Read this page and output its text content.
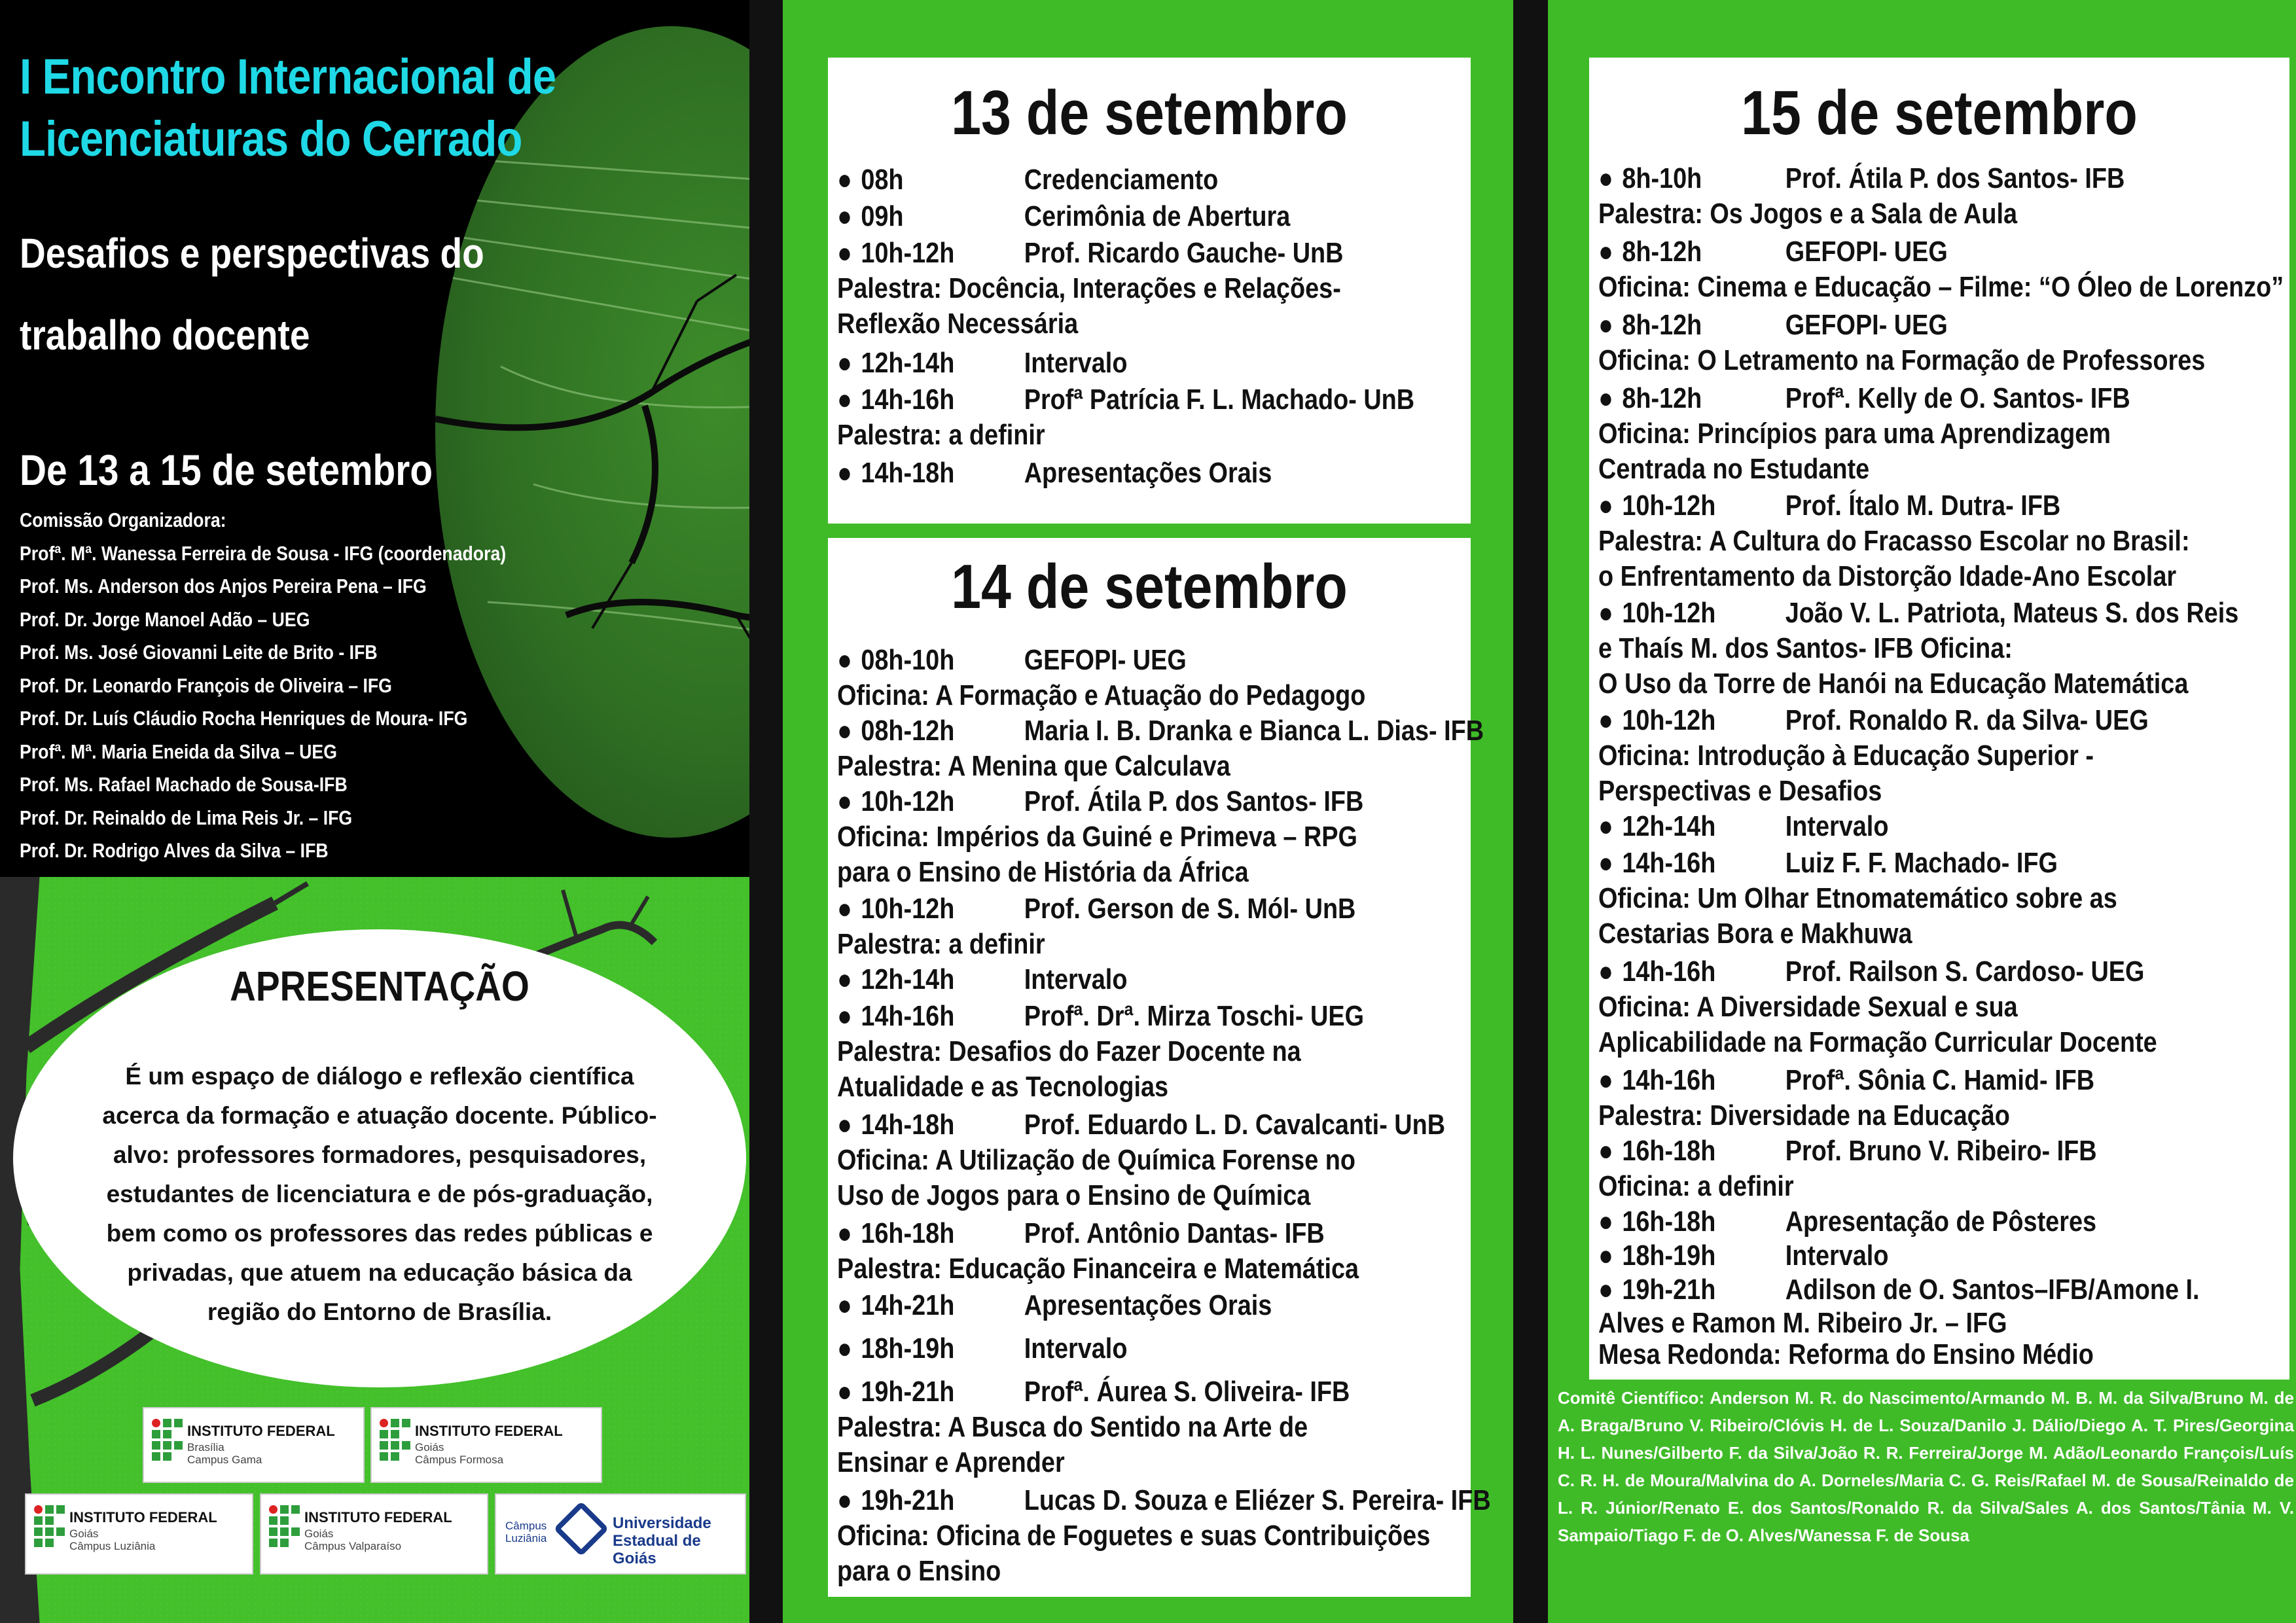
I Encontro Internacional de
Licenciaturas do Cerrado
Desafios e perspectivas do
trabalho docente
De 13 a 15 de setembro
Comissão Organizadora:
Profª. Mª. Wanessa Ferreira de Sousa - IFG (coordenadora)
Prof. Ms. Anderson dos Anjos Pereira Pena – IFG
Prof. Dr. Jorge Manoel Adão – UEG
Prof. Ms. José Giovanni Leite de Brito - IFB
Prof. Dr. Leonardo François de Oliveira – IFG
Prof. Dr. Luís Cláudio Rocha Henriques de Moura- IFG
Profª. Mª. Maria Eneida da Silva – UEG
Prof. Ms. Rafael Machado de Sousa-IFB
Prof. Dr. Reinaldo de Lima Reis Jr. – IFG
Prof. Dr. Rodrigo Alves da Silva – IFB
APRESENTAÇÃO
É um espaço de diálogo e reflexão científica acerca da formação e atuação docente. Público-alvo: professores formadores, pesquisadores, estudantes de licenciatura e de pós-graduação, bem como os professores das redes públicas e privadas, que atuem na educação básica da região do Entorno de Brasília.
INSTITUTO FEDERAL
Brasília
Campus Gama
INSTITUTO FEDERAL
Goiás
Câmpus Formosa
INSTITUTO FEDERAL
Goiás
Câmpus Luziânia
INSTITUTO FEDERAL
Goiás
Câmpus Valparaíso
Câmpus
Luziânia
Universidade Estadual de Goiás
13 de setembro
● 08h	Credenciamento
● 09h	Cerimônia de Abertura
● 10h-12h Prof. Ricardo Gauche- UnB
Palestra: Docência, Interações e Relações-
Reflexão Necessária
● 12h-14h Intervalo
● 14h-16h Profª Patrícia F. L. Machado- UnB
Palestra: a definir
● 14h-18h Apresentações Orais
14 de setembro
● 08h-10h GEFOPI- UEG
Oficina: A Formação e Atuação do Pedagogo
● 08h-12h Maria I. B. Dranka e Bianca L. Dias- IFB
Palestra: A Menina que Calculava
● 10h-12h Prof. Átila P. dos Santos- IFB
Oficina: Impérios da Guiné e Primeva – RPG
para o Ensino de História da África
● 10h-12h Prof. Gerson de S. Mól- UnB
Palestra: a definir
● 12h-14h Intervalo
● 14h-16h Profª. Drª. Mirza Toschi- UEG
Palestra: Desafios do Fazer Docente na
Atualidade e as Tecnologias
● 14h-18h Prof. Eduardo L. D. Cavalcanti- UnB
Oficina: A Utilização de Química Forense no
Uso de Jogos para o Ensino de Química
● 16h-18h Prof. Antônio Dantas- IFB
Palestra: Educação Financeira e Matemática
● 14h-21h Apresentações Orais
● 18h-19h Intervalo
● 19h-21h Profª. Áurea S. Oliveira- IFB
Palestra: A Busca do Sentido na Arte de
Ensinar e Aprender
● 19h-21h Lucas D. Souza e Eliézer S. Pereira- IFB
Oficina: Oficina de Foguetes e suas Contribuições
para o Ensino
15 de setembro
● 8h-10h	Prof. Átila P. dos Santos- IFB
Palestra: Os Jogos e a Sala de Aula
● 8h-12h	GEFOPI- UEG
Oficina: Cinema e Educação – Filme: “O Óleo de Lorenzo”
● 8h-12h	GEFOPI- UEG
Oficina: O Letramento na Formação de Professores
● 8h-12h	Profª. Kelly de O. Santos- IFB
Oficina: Princípios para uma Aprendizagem
Centrada no Estudante
● 10h-12h Prof. Ítalo M. Dutra- IFB
Palestra: A Cultura do Fracasso Escolar no Brasil:
o Enfrentamento da Distorção Idade-Ano Escolar
● 10h-12h João V. L. Patriota, Mateus S. dos Reis
e Thaís M. dos Santos- IFB Oficina:
O Uso da Torre de Hanói na Educação Matemática
● 10h-12h Prof. Ronaldo R. da Silva- UEG
Oficina: Introdução à Educação Superior -
Perspectivas e Desafios
● 12h-14h Intervalo
● 14h-16h Luiz F. F. Machado- IFG
Oficina: Um Olhar Etnomatemático sobre as
Cestarias Bora e Makhuwa
● 14h-16h Prof. Railson S. Cardoso- UEG
Oficina: A Diversidade Sexual e sua
Aplicabilidade na Formação Curricular Docente
● 14h-16h Profª. Sônia C. Hamid- IFB
Palestra: Diversidade na Educação
● 16h-18h Prof. Bruno V. Ribeiro- IFB
Oficina: a definir
● 16h-18h Apresentação de Pôsteres
● 18h-19h Intervalo
● 19h-21h Adilson de O. Santos–IFB/Amone I.
Alves e Ramon M. Ribeiro Jr. – IFG
Mesa Redonda: Reforma do Ensino Médio
Comitê Científico: Anderson M. R. do Nascimento/Armando M. B. M. da Silva/Bruno M. de A. Braga/Bruno V. Ribeiro/Clóvis H. de L. Souza/Danilo J. Dálio/Diego A. T. Pires/Georgina H. L. Nunes/Gilberto F. da Silva/João R. R. Ferreira/Jorge M. Adão/Leonardo François/Luís C. R. H. de Moura/Malvina do A. Dorneles/Maria C. G. Reis/Rafael M. de Sousa/Reinaldo de L. R. Júnior/Renato E. dos Santos/Ronaldo R. da Silva/Sales A. dos Santos/Tânia M. V. Sampaio/Tiago F. de O. Alves/Wanessa F. de Sousa
